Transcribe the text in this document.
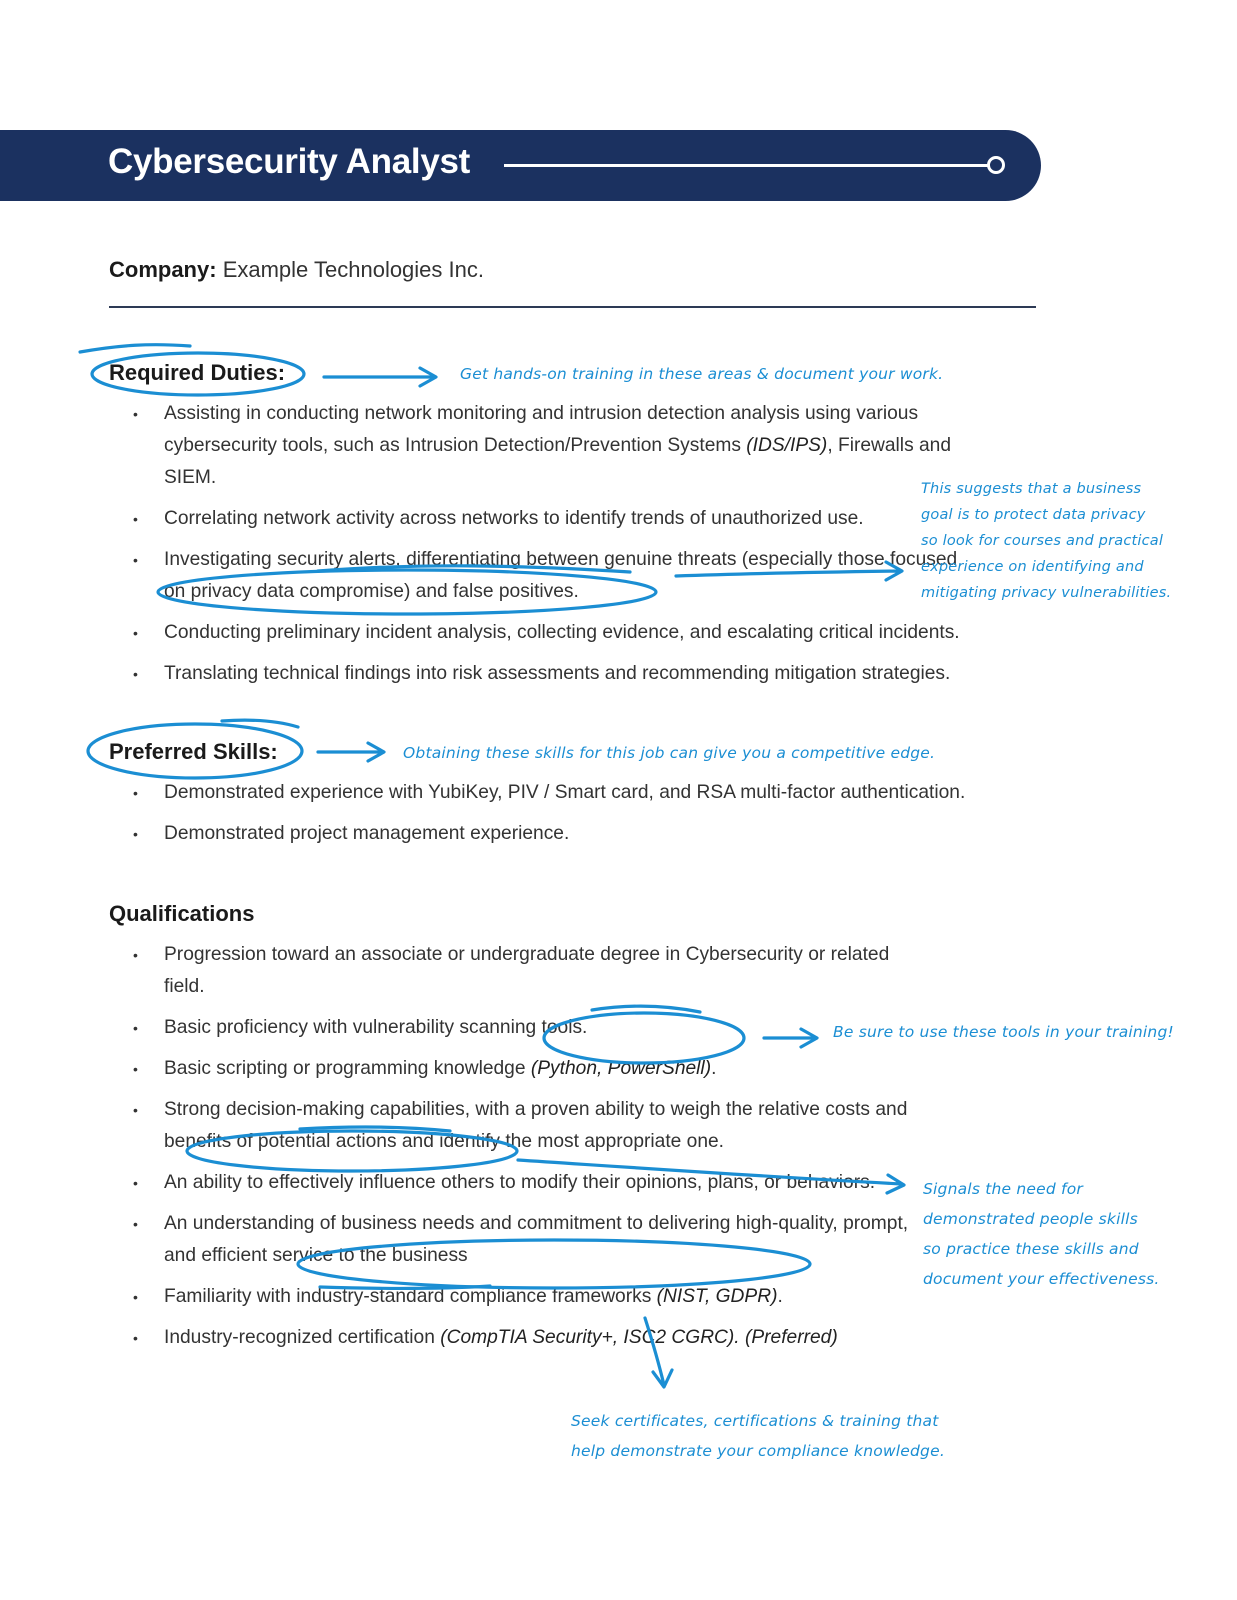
Cybersecurity Analyst
Company: Example Technologies Inc.
Required Duties:
• Assisting in conducting network monitoring and intrusion detection analysis using various cybersecurity tools, such as Intrusion Detection/Prevention Systems (IDS/IPS), Firewalls and SIEM.
• Correlating network activity across networks to identify trends of unauthorized use.
• Investigating security alerts, differentiating between genuine threats (especially those focused on privacy data compromise) and false positives.
• Conducting preliminary incident analysis, collecting evidence, and escalating critical incidents.
• Translating technical findings into risk assessments and recommending mitigation strategies.
Preferred Skills:
• Demonstrated experience with YubiKey, PIV / Smart card, and RSA multi-factor authentication.
• Demonstrated project management experience.
Qualifications
• Progression toward an associate or undergraduate degree in Cybersecurity or related field.
• Basic proficiency with vulnerability scanning tools.
• Basic scripting or programming knowledge (Python, PowerShell).
• Strong decision-making capabilities, with a proven ability to weigh the relative costs and benefits of potential actions and identify the most appropriate one.
• An ability to effectively influence others to modify their opinions, plans, or behaviors.
• An understanding of business needs and commitment to delivering high-quality, prompt, and efficient service to the business
• Familiarity with industry-standard compliance frameworks (NIST, GDPR).
• Industry-recognized certification (CompTIA Security+, ISC2 CGRC). (Preferred)
Get hands-on training in these areas & document your work.
This suggests that a business
goal is to protect data privacy
so look for courses and practical
experience on identifying and
mitigating privacy vulnerabilities.
Obtaining these skills for this job can give you a competitive edge.
Be sure to use these tools in your training!
Signals the need for
demonstrated people skills
so practice these skills and
document your effectiveness.
Seek certificates, certifications & training that
help demonstrate your compliance knowledge.
